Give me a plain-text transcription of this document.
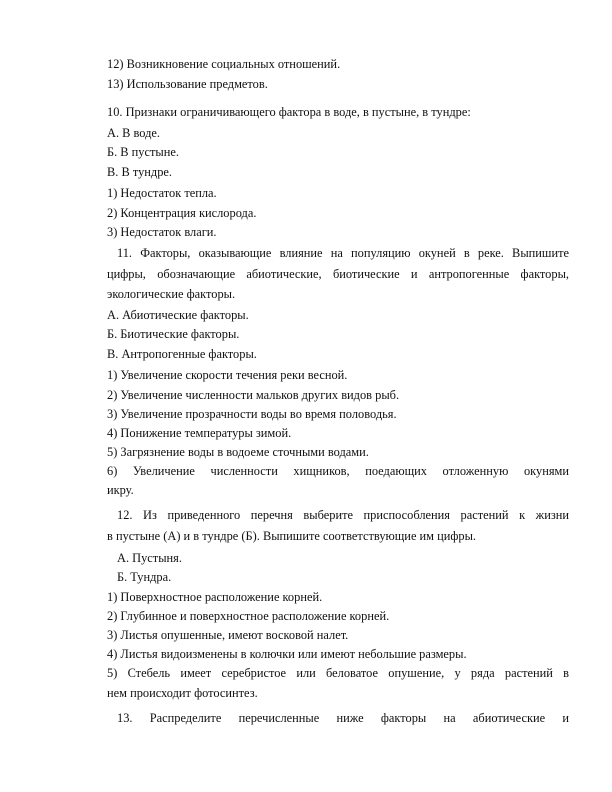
12) Возникновение социальных отношений.
13) Использование предметов.
10. Признаки ограничивающего фактора в воде, в пустыне, в тундре:
А. В воде.
Б. В пустыне.
В. В тундре.
1) Недостаток тепла.
2) Концентрация кислорода.
3) Недостаток влаги.
11. Факторы, оказывающие влияние на популяцию окуней в реке. Выпишите
цифры, обозначающие абиотические, биотические и антропогенные факторы,
экологические факторы.
А. Абиотические факторы.
Б. Биотические факторы.
В. Антропогенные факторы.
1) Увеличение скорости течения реки весной.
2) Увеличение численности мальков других видов рыб.
3) Увеличение прозрачности воды во время половодья.
4) Понижение температуры зимой.
5) Загрязнение воды в водоеме сточными водами.
6) Увеличение численности хищников, поедающих отложенную окунями
икру.
12. Из приведенного перечня выберите приспособления растений к жизни
в пустыне (А) и в тундре (Б). Выпишите соответствующие им цифры.
А. Пустыня.
Б. Тундра.
1) Поверхностное расположение корней.
2) Глубинное и поверхностное расположение корней.
3) Листья опушенные, имеют восковой налет.
4) Листья видоизменены в колючки или имеют небольшие размеры.
5) Стебель имеет серебристое или беловатое опушение, у ряда растений в
нем происходит фотосинтез.
13. Распределите перечисленные ниже факторы на абиотические и
